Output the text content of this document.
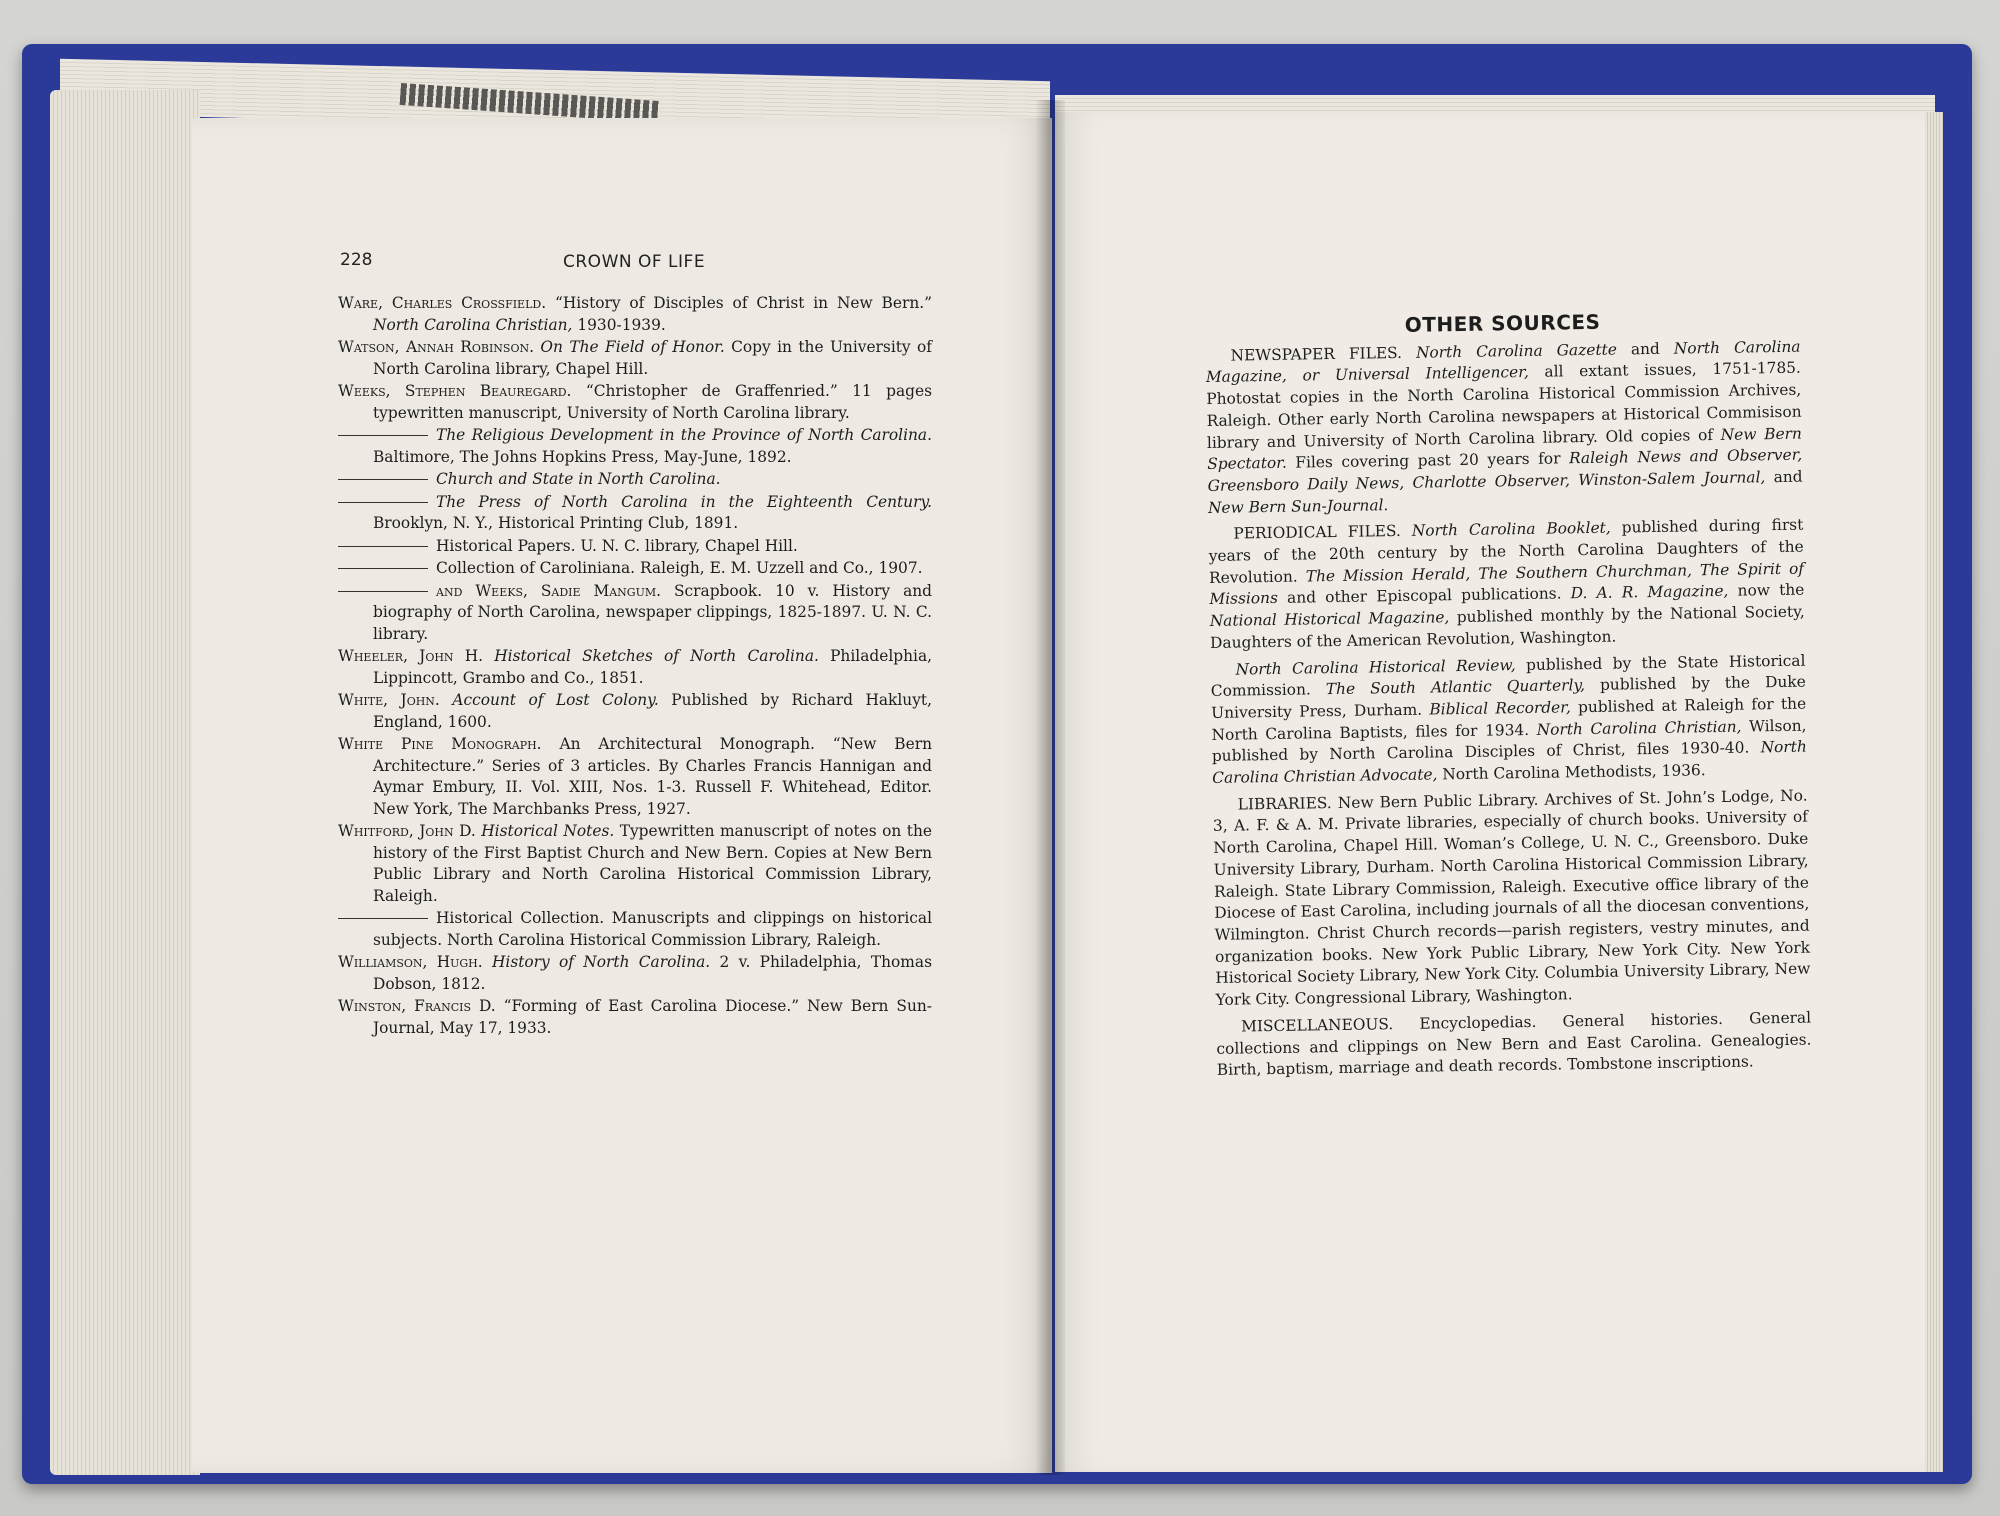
228	CROWN OF LIFE
Ware, Charles Crossfield. “History of Disciples of Christ in New Bern.” North Carolina Christian, 1930-1939.
Watson, Annah Robinson. On The Field of Honor. Copy in the University of North Carolina library, Chapel Hill.
Weeks, Stephen Beauregard. “Christopher de Graffenried.” 11 pages typewritten manuscript, University of North Carolina library.
The Religious Development in the Province of North Carolina. Baltimore, The Johns Hopkins Press, May-June, 1892.
Church and State in North Carolina.
The Press of North Carolina in the Eighteenth Century. Brooklyn, N. Y., Historical Printing Club, 1891.
Historical Papers. U. N. C. library, Chapel Hill.
Collection of Caroliniana. Raleigh, E. M. Uzzell and Co., 1907.
and Weeks, Sadie Mangum. Scrapbook. 10 v. History and biography of North Carolina, newspaper clippings, 1825-1897. U. N. C. library.
Wheeler, John H. Historical Sketches of North Carolina. Philadelphia, Lippincott, Grambo and Co., 1851.
White, John. Account of Lost Colony. Published by Richard Hakluyt, England, 1600.
White Pine Monograph. An Architectural Monograph. “New Bern Architecture.” Series of 3 articles. By Charles Francis Hannigan and Aymar Embury, II. Vol. XIII, Nos. 1-3. Russell F. Whitehead, Editor. New York, The Marchbanks Press, 1927.
Whitford, John D. Historical Notes. Typewritten manuscript of notes on the history of the First Baptist Church and New Bern. Copies at New Bern Public Library and North Carolina Historical Commission Library, Raleigh.
Historical Collection. Manuscripts and clippings on historical subjects. North Carolina Historical Commission Library, Raleigh.
Williamson, Hugh. History of North Carolina. 2 v. Philadelphia, Thomas Dobson, 1812.
Winston, Francis D. “Forming of East Carolina Diocese.” New Bern Sun-Journal, May 17, 1933.
OTHER SOURCES
NEWSPAPER FILES. North Carolina Gazette and North Carolina Magazine, or Universal Intelligencer, all extant issues, 1751-1785. Photostat copies in the North Carolina Historical Commission Archives, Raleigh. Other early North Carolina newspapers at Historical Commisison library and University of North Carolina library. Old copies of New Bern Spectator. Files covering past 20 years for Raleigh News and Observer, Greensboro Daily News, Charlotte Observer, Winston-Salem Journal, and New Bern Sun-Journal.
PERIODICAL FILES. North Carolina Booklet, published during first years of the 20th century by the North Carolina Daughters of the Revolution. The Mission Herald, The Southern Churchman, The Spirit of Missions and other Episcopal publications. D. A. R. Magazine, now the National Historical Magazine, published monthly by the National Society, Daughters of the American Revolution, Washington.
North Carolina Historical Review, published by the State Historical Commission. The South Atlantic Quarterly, published by the Duke University Press, Durham. Biblical Recorder, published at Raleigh for the North Carolina Baptists, files for 1934. North Carolina Christian, Wilson, published by North Carolina Disciples of Christ, files 1930-40. North Carolina Christian Advocate, North Carolina Methodists, 1936.
LIBRARIES. New Bern Public Library. Archives of St. John’s Lodge, No. 3, A. F. & A. M. Private libraries, especially of church books. University of North Carolina, Chapel Hill. Woman’s College, U. N. C., Greensboro. Duke University Library, Durham. North Carolina Historical Commission Library, Raleigh. State Library Commission, Raleigh. Executive office library of the Diocese of East Carolina, including journals of all the diocesan conventions, Wilmington. Christ Church records—parish registers, vestry minutes, and organization books. New York Public Library, New York City. New York Historical Society Library, New York City. Columbia University Library, New York City. Congressional Library, Washington.
MISCELLANEOUS. Encyclopedias. General histories. General collections and clippings on New Bern and East Carolina. Genealogies. Birth, baptism, marriage and death records. Tombstone inscriptions.
